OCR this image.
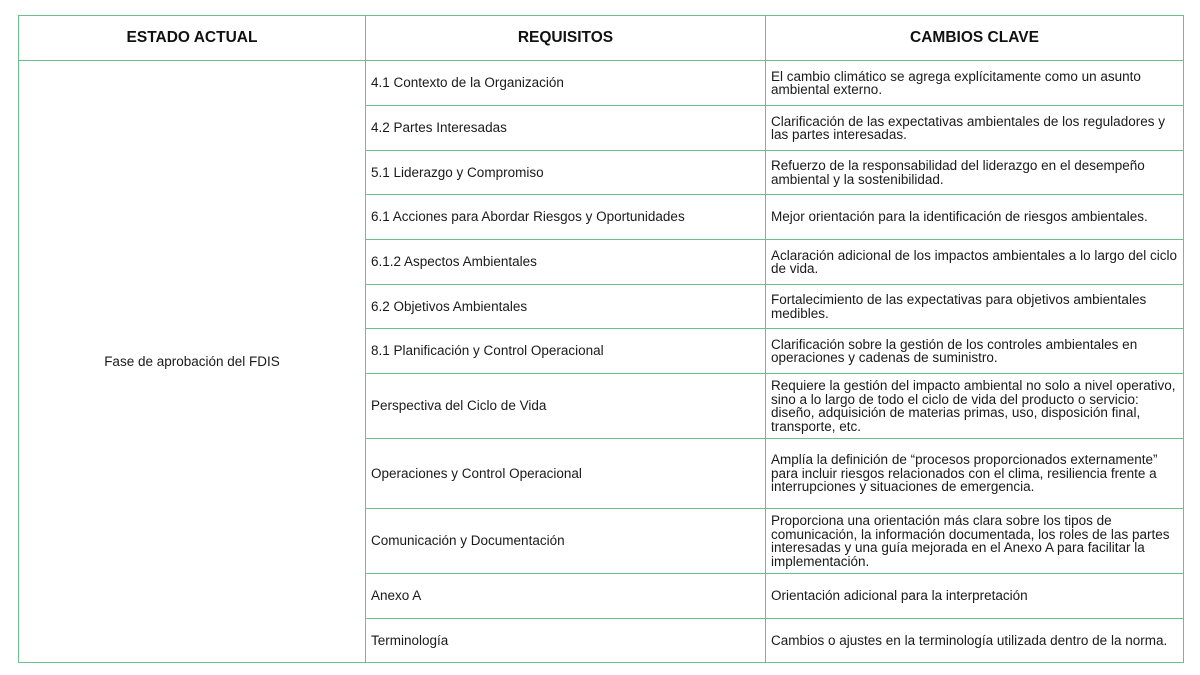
ESTADO ACTUAL	REQUISITOS	CAMBIOS CLAVE
Fase de aprobación del FDIS	4.1 Contexto de la Organización	El cambio climático se agrega explícitamente como un asunto ambiental externo.
	4.2 Partes Interesadas	Clarificación de las expectativas ambientales de los reguladores y las partes interesadas.
	5.1 Liderazgo y Compromiso	Refuerzo de la responsabilidad del liderazgo en el desempeño ambiental y la sostenibilidad.
	6.1 Acciones para Abordar Riesgos y Oportunidades	Mejor orientación para la identificación de riesgos ambientales.
	6.1.2 Aspectos Ambientales	Aclaración adicional de los impactos ambientales a lo largo del ciclo de vida.
	6.2 Objetivos Ambientales	Fortalecimiento de las expectativas para objetivos ambientales medibles.
	8.1 Planificación y Control Operacional	Clarificación sobre la gestión de los controles ambientales en operaciones y cadenas de suministro.
	Perspectiva del Ciclo de Vida	Requiere la gestión del impacto ambiental no solo a nivel operativo, sino a lo largo de todo el ciclo de vida del producto o servicio: diseño, adquisición de materias primas, uso, disposición final, transporte, etc.
	Operaciones y Control Operacional	Amplía la definición de “procesos proporcionados externamente” para incluir riesgos relacionados con el clima, resiliencia frente a interrupciones y situaciones de emergencia.
	Comunicación y Documentación	Proporciona una orientación más clara sobre los tipos de comunicación, la información documentada, los roles de las partes interesadas y una guía mejorada en el Anexo A para facilitar la implementación.
	Anexo A	Orientación adicional para la interpretación
	Terminología	Cambios o ajustes en la terminología utilizada dentro de la norma.
